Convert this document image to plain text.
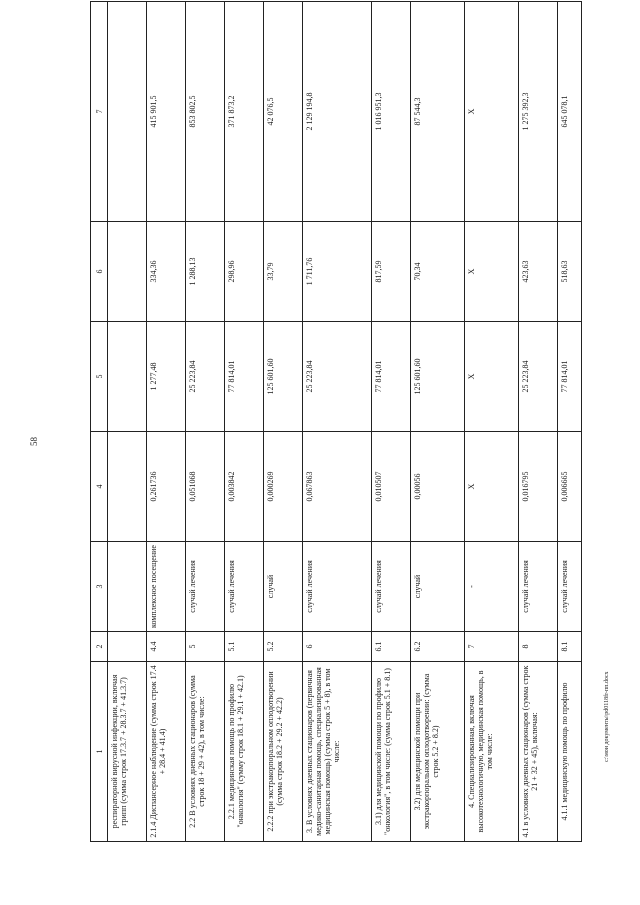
58
1	2	3	4	5	6	7
респираторной вирусной инфекции, включая грипп (сумма строк 17.3.7 + 28.3.7 + 41.3.7)						
2.1.4 Диспансерное наблюдение (сумма строк 17.4 + 28.4 + 41.4)	4.4	комплексное посещение	0,261736	1 277,48	334,36	415 901,5
2.2 В условиях дневных стационаров (сумма строк 18 + 29 + 42), в том числе:	5	случай лечения	0,051068	25 223,84	1 288,13	853 802,5
2.2.1 медицинская помощь по профилю "онкология" (сумму строк 18.1 + 29.1 + 42.1)	5.1	случай лечения	0,003842	77 814,01	298,96	371 873,2
2.2.2 при экстракорпоральном оплодотворении (сумма строк 18.2 + 29.2 + 42.2)	5.2	случай	0,000269	125 601,60	33,79	42 076,5
3. В условиях дневных стационаров (первичная медико-санитарная помощь, специализированная медицинская помощь) (сумма строк 5 + 8), в том числе:	6	случай лечения	0,067863	25 223,84	1 711,76	2 129 194,8
3.1) для медицинской помощи по профилю "онкология", в том числе: (сумма строк 5.1 + 8.1)	6.1	случай лечения	0,010507	77 814,01	817,59	1 016 951,3
3.2) для медицинской помощи при экстракорпоральном оплодотворении: (сумма строк 5.2 + 8.2)	6.2	случай	0,00056	125 601,60	70,34	87 544,3
4. Специализированная, включая высокотехнологичную, медицинская помощь, в том числе:	7	-	Х	Х	Х	Х
4.1 в условиях дневных стационаров (сумма строк 21 + 32 + 45), включая:	8	случай лечения	0,016795	25 223,84	423,63	1 275 392,3
4.1.1 медицинскую помощь по профилю	8.1	случай лечения	0,006665	77 814,01	518,63	645 078,1
c:\мои документы\pd0118fr-пп.docx
